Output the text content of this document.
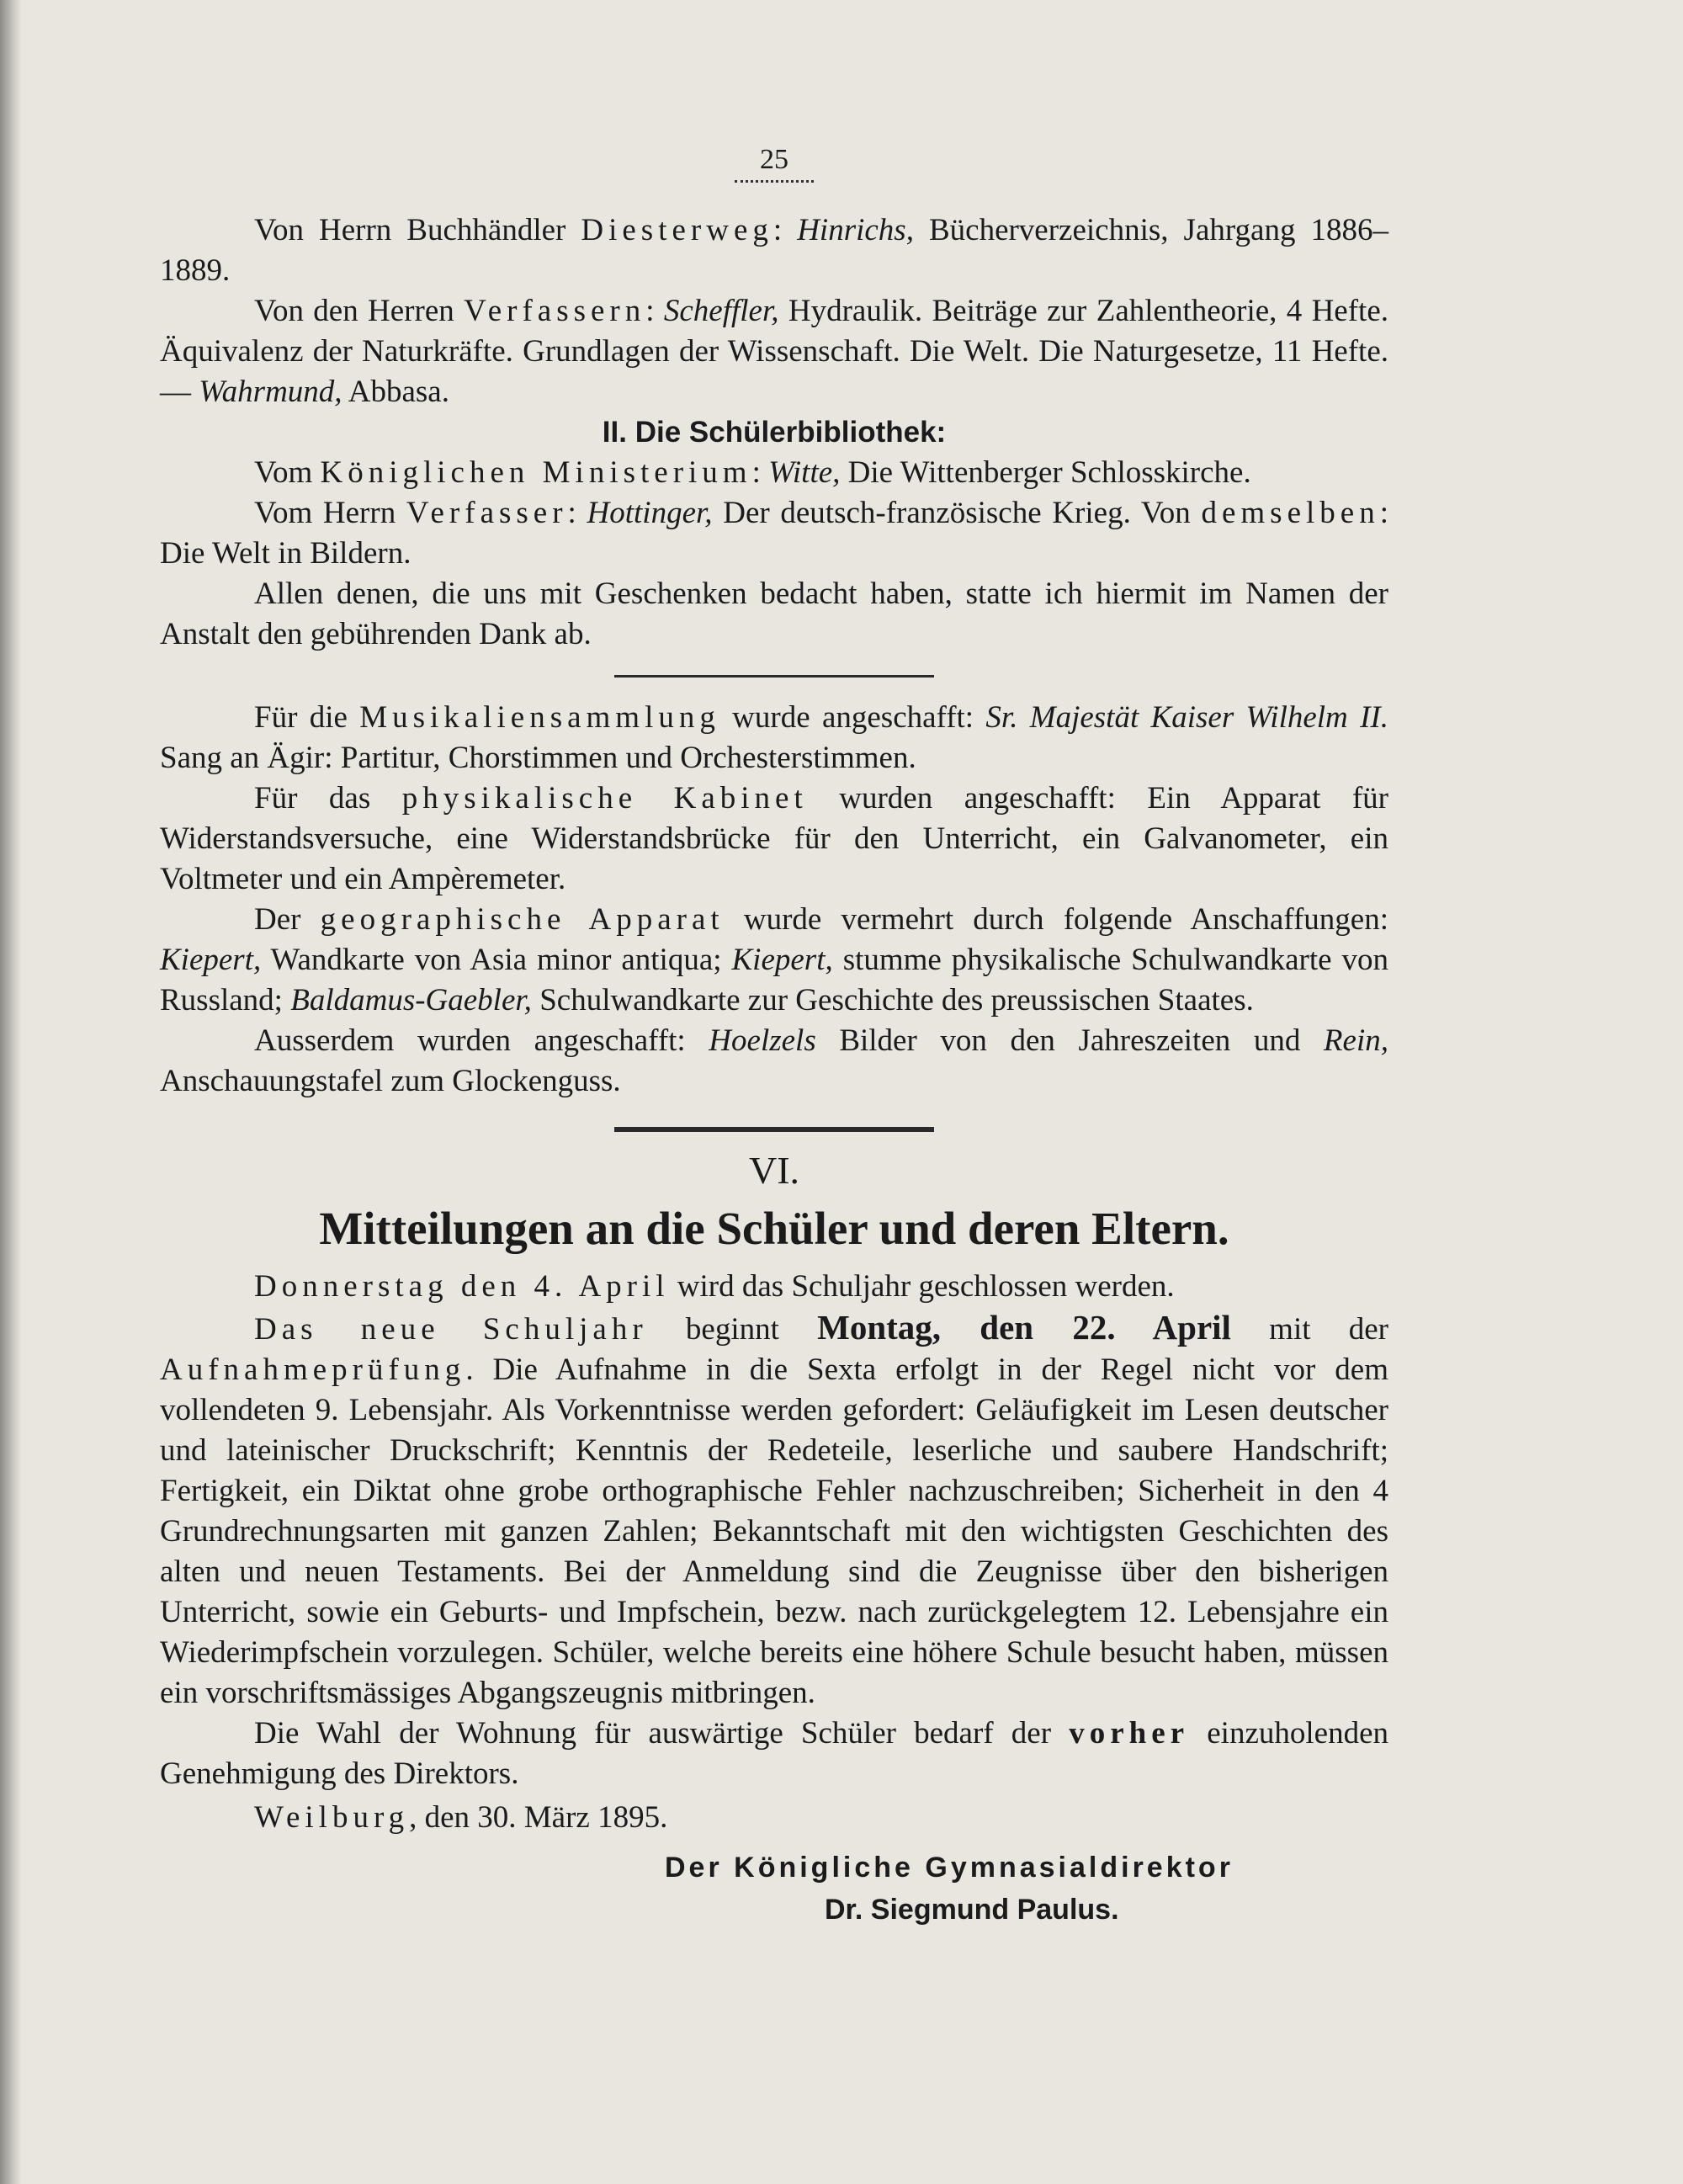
25

Von Herrn Buchhändler Diesterweg: Hinrichs, Bücherverzeichnis, Jahrgang 1886–1889.

Von den Herren Verfassern: Scheffler, Hydraulik. Beiträge zur Zahlentheorie, 4 Hefte. Äquivalenz der Naturkräfte. Grundlagen der Wissenschaft. Die Welt. Die Naturgesetze, 11 Hefte. — Wahrmund, Abbasa.

II. Die Schülerbibliothek:

Vom Königlichen Ministerium: Witte, Die Wittenberger Schlosskirche.

Vom Herrn Verfasser: Hottinger, Der deutsch-französische Krieg. Von demselben: Die Welt in Bildern.

Allen denen, die uns mit Geschenken bedacht haben, statte ich hiermit im Namen der Anstalt den gebührenden Dank ab.

Für die Musikaliensammlung wurde angeschafft: Sr. Majestät Kaiser Wilhelm II. Sang an Ägir: Partitur, Chorstimmen und Orchesterstimmen.

Für das physikalische Kabinet wurden angeschafft: Ein Apparat für Widerstandsversuche, eine Widerstandsbrücke für den Unterricht, ein Galvanometer, ein Voltmeter und ein Ampèremeter.

Der geographische Apparat wurde vermehrt durch folgende Anschaffungen: Kiepert, Wandkarte von Asia minor antiqua; Kiepert, stumme physikalische Schulwandkarte von Russland; Baldamus-Gaebler, Schulwandkarte zur Geschichte des preussischen Staates.

Ausserdem wurden angeschafft: Hoelzels Bilder von den Jahreszeiten und Rein, Anschauungstafel zum Glockenguss.

VI.
Mitteilungen an die Schüler und deren Eltern.

Donnerstag den 4. April wird das Schuljahr geschlossen werden.

Das neue Schuljahr beginnt Montag, den 22. April mit der Aufnahmeprüfung. Die Aufnahme in die Sexta erfolgt in der Regel nicht vor dem vollendeten 9. Lebensjahr. Als Vorkenntnisse werden gefordert: Geläufigkeit im Lesen deutscher und lateinischer Druckschrift; Kenntnis der Redeteile, leserliche und saubere Handschrift; Fertigkeit, ein Diktat ohne grobe orthographische Fehler nachzuschreiben; Sicherheit in den 4 Grundrechnungsarten mit ganzen Zahlen; Bekanntschaft mit den wichtigsten Geschichten des alten und neuen Testaments. Bei der Anmeldung sind die Zeugnisse über den bisherigen Unterricht, sowie ein Geburts- und Impfschein, bezw. nach zurückgelegtem 12. Lebensjahre ein Wiederimpfschein vorzulegen. Schüler, welche bereits eine höhere Schule besucht haben, müssen ein vorschriftsmässiges Abgangszeugnis mitbringen.

Die Wahl der Wohnung für auswärtige Schüler bedarf der vorher einzuholenden Genehmigung des Direktors.

Weilburg, den 30. März 1895.

Der Königliche Gymnasialdirektor
Dr. Siegmund Paulus.
